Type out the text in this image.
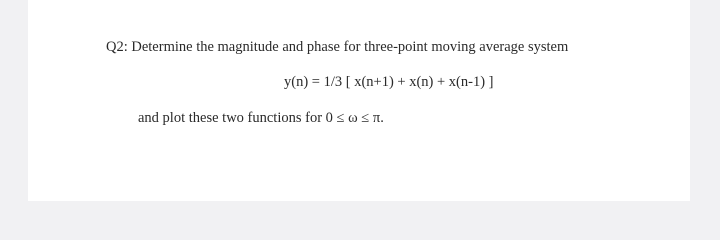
Q2: Determine the magnitude and phase for three-point moving average system
y(n) = 1/3 [ x(n+1) + x(n) + x(n-1) ]
and plot these two functions for 0 ≤ ω ≤ π.
